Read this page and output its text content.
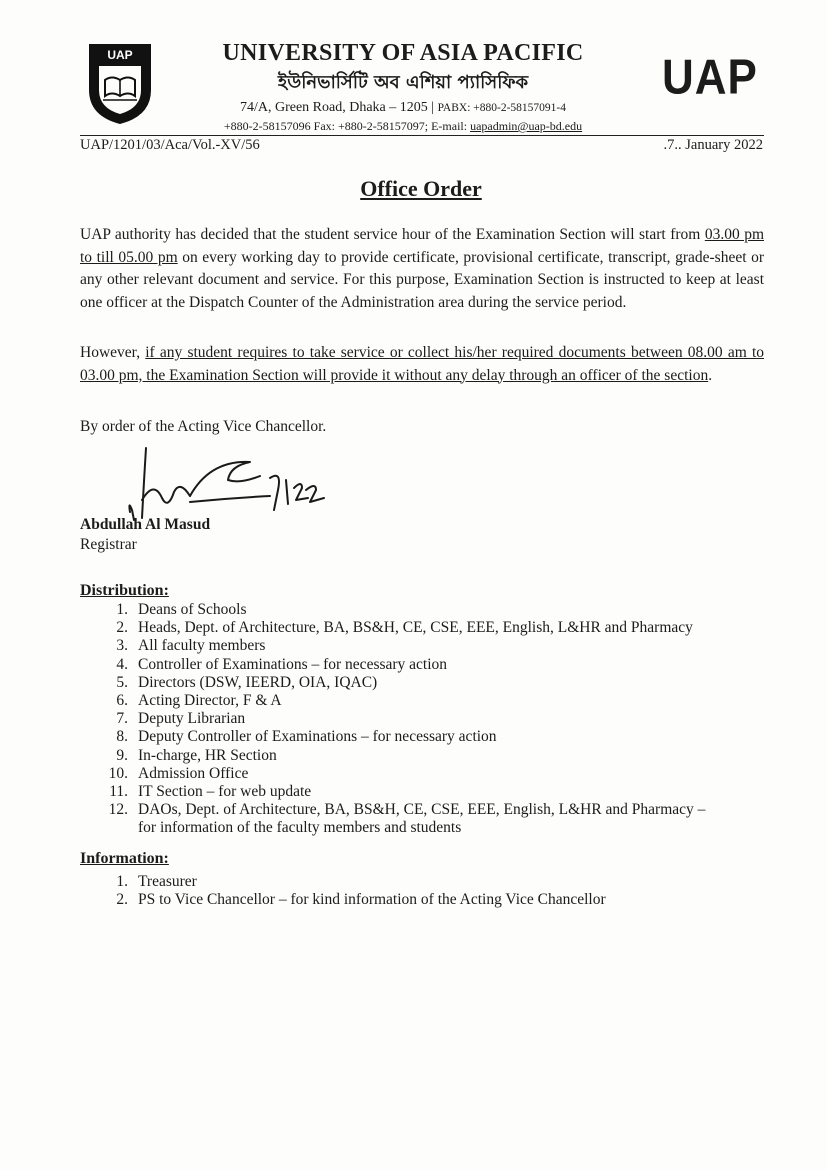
UAP	UNIVERSITY OF ASIA PACIFIC
ইউনিভার্সিটি অব এশিয়া প্যাসিফিক
74/A, Green Road, Dhaka – 1205 | PABX: +880-2-58157091-4
+880-2-58157096 Fax: +880-2-58157097; E-mail: uapadmin@uap-bd.edu
UAP
UAP/1201/03/Aca/Vol.-XV/56	.7.. January 2022
Office Order
UAP authority has decided that the student service hour of the Examination Section will start from 03.00 pm to till 05.00 pm on every working day to provide certificate, provisional certificate, transcript, grade-sheet or any other relevant document and service. For this purpose, Examination Section is instructed to keep at least one officer at the Dispatch Counter of the Administration area during the service period.
However, if any student requires to take service or collect his/her required documents between 08.00 am to 03.00 pm, the Examination Section will provide it without any delay through an officer of the section.
By order of the Acting Vice Chancellor.
Abdullah Al Masud
Registrar
Distribution:
1. Deans of Schools
2. Heads, Dept. of Architecture, BA, BS&H, CE, CSE, EEE, English, L&HR and Pharmacy
3. All faculty members
4. Controller of Examinations – for necessary action
5. Directors (DSW, IEERD, OIA, IQAC)
6. Acting Director, F & A
7. Deputy Librarian
8. Deputy Controller of Examinations – for necessary action
9. In-charge, HR Section
10. Admission Office
11. IT Section – for web update
12. DAOs, Dept. of Architecture, BA, BS&H, CE, CSE, EEE, English, L&HR and Pharmacy –
for information of the faculty members and students
Information:
1. Treasurer
2. PS to Vice Chancellor – for kind information of the Acting Vice Chancellor
